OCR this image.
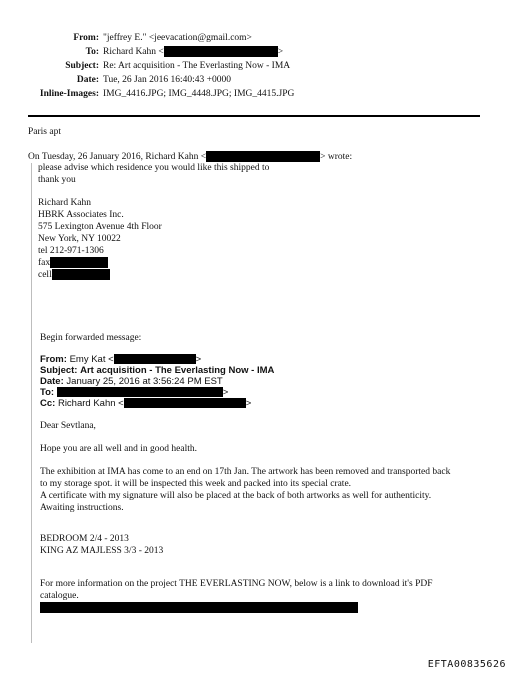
From: "jeffrey E." <jeevacation@gmail.com>
To: Richard Kahn <	>
Subject: Re: Art acquisition - The Everlasting Now - IMA
Date: Tue, 26 Jan 2016 16:40:43 +0000
Inline-Images: IMG_4416.JPG; IMG_4448.JPG; IMG_4415.JPG
Paris apt
On Tuesday, 26 January 2016, Richard Kahn <	> wrote:
please advise which residence you would like this shipped to
thank you
Richard Kahn
HBRK Associates Inc.
575 Lexington Avenue 4th Floor
New York, NY 10022
tel 212-971-1306
fax
cell
Begin forwarded message:
From: Emy Kat <	>
Subject: Art acquisition - The Everlasting Now - IMA
Date: January 25, 2016 at 3:56:24 PM EST
To:	>
Cc: Richard Kahn <	>
Dear Sevtlana,
Hope you are all well and in good health.
The exhibition at IMA has come to an end on 17th Jan. The artwork has been removed and transported back
to my storage spot. it will be inspected this week and packed into its special crate.
A certificate with my signature will also be placed at the back of both artworks as well for authenticity.
Awaiting instructions.
BEDROOM 2/4 - 2013
KING AZ MAJLESS 3/3 - 2013
For more information on the project THE EVERLASTING NOW, below is a link to download it's PDF
catalogue.
EFTA00835626
